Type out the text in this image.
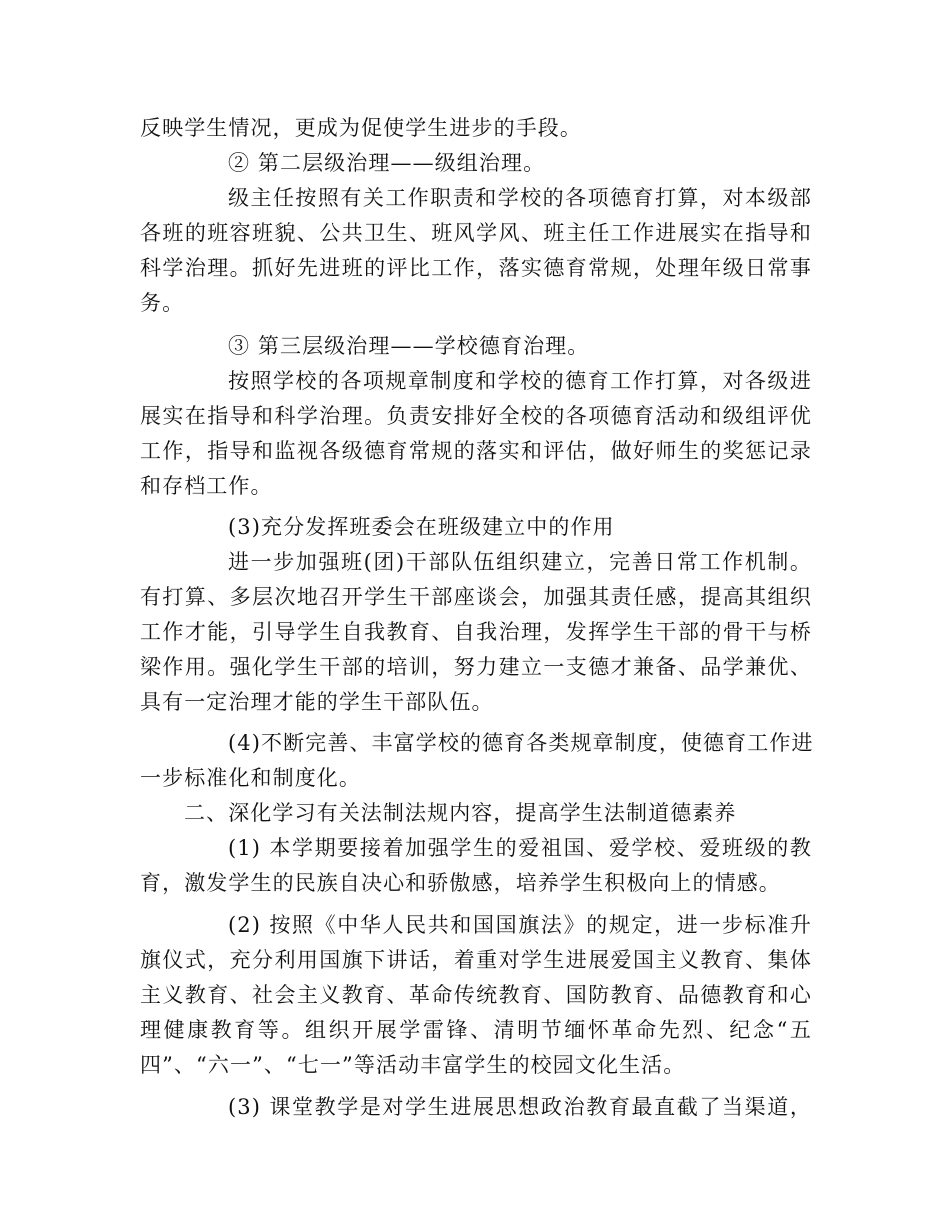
反映学生情况，更成为促使学生进步的手段。
② 第二层级治理——级组治理。
级主任按照有关工作职责和学校的各项德育打算，对本级部
各班的班容班貌、公共卫生、班风学风、班主任工作进展实在指导和
科学治理。抓好先进班的评比工作，落实德育常规，处理年级日常事
务。
③ 第三层级治理——学校德育治理。
按照学校的各项规章制度和学校的德育工作打算，对各级进
展实在指导和科学治理。负责安排好全校的各项德育活动和级组评优
工作，指导和监视各级德育常规的落实和评估，做好师生的奖惩记录
和存档工作。
(3)充分发挥班委会在班级建立中的作用
进一步加强班(团)干部队伍组织建立，完善日常工作机制。
有打算、多层次地召开学生干部座谈会，加强其责任感，提高其组织
工作才能，引导学生自我教育、自我治理，发挥学生干部的骨干与桥
梁作用。强化学生干部的培训，努力建立一支德才兼备、品学兼优、
具有一定治理才能的学生干部队伍。
(4)不断完善、丰富学校的德育各类规章制度，使德育工作进
一步标准化和制度化。
二、深化学习有关法制法规内容，提高学生法制道德素养
(1) 本学期要接着加强学生的爱祖国、爱学校、爱班级的教
育，激发学生的民族自决心和骄傲感，培养学生积极向上的情感。
(2) 按照《中华人民共和国国旗法》的规定，进一步标准升
旗仪式，充分利用国旗下讲话，着重对学生进展爱国主义教育、集体
主义教育、社会主义教育、革命传统教育、国防教育、品德教育和心
理健康教育等。组织开展学雷锋、清明节缅怀革命先烈、纪念“五
四”、“六一”、“七一”等活动丰富学生的校园文化生活。
(3) 课堂教学是对学生进展思想政治教育最直截了当渠道，
